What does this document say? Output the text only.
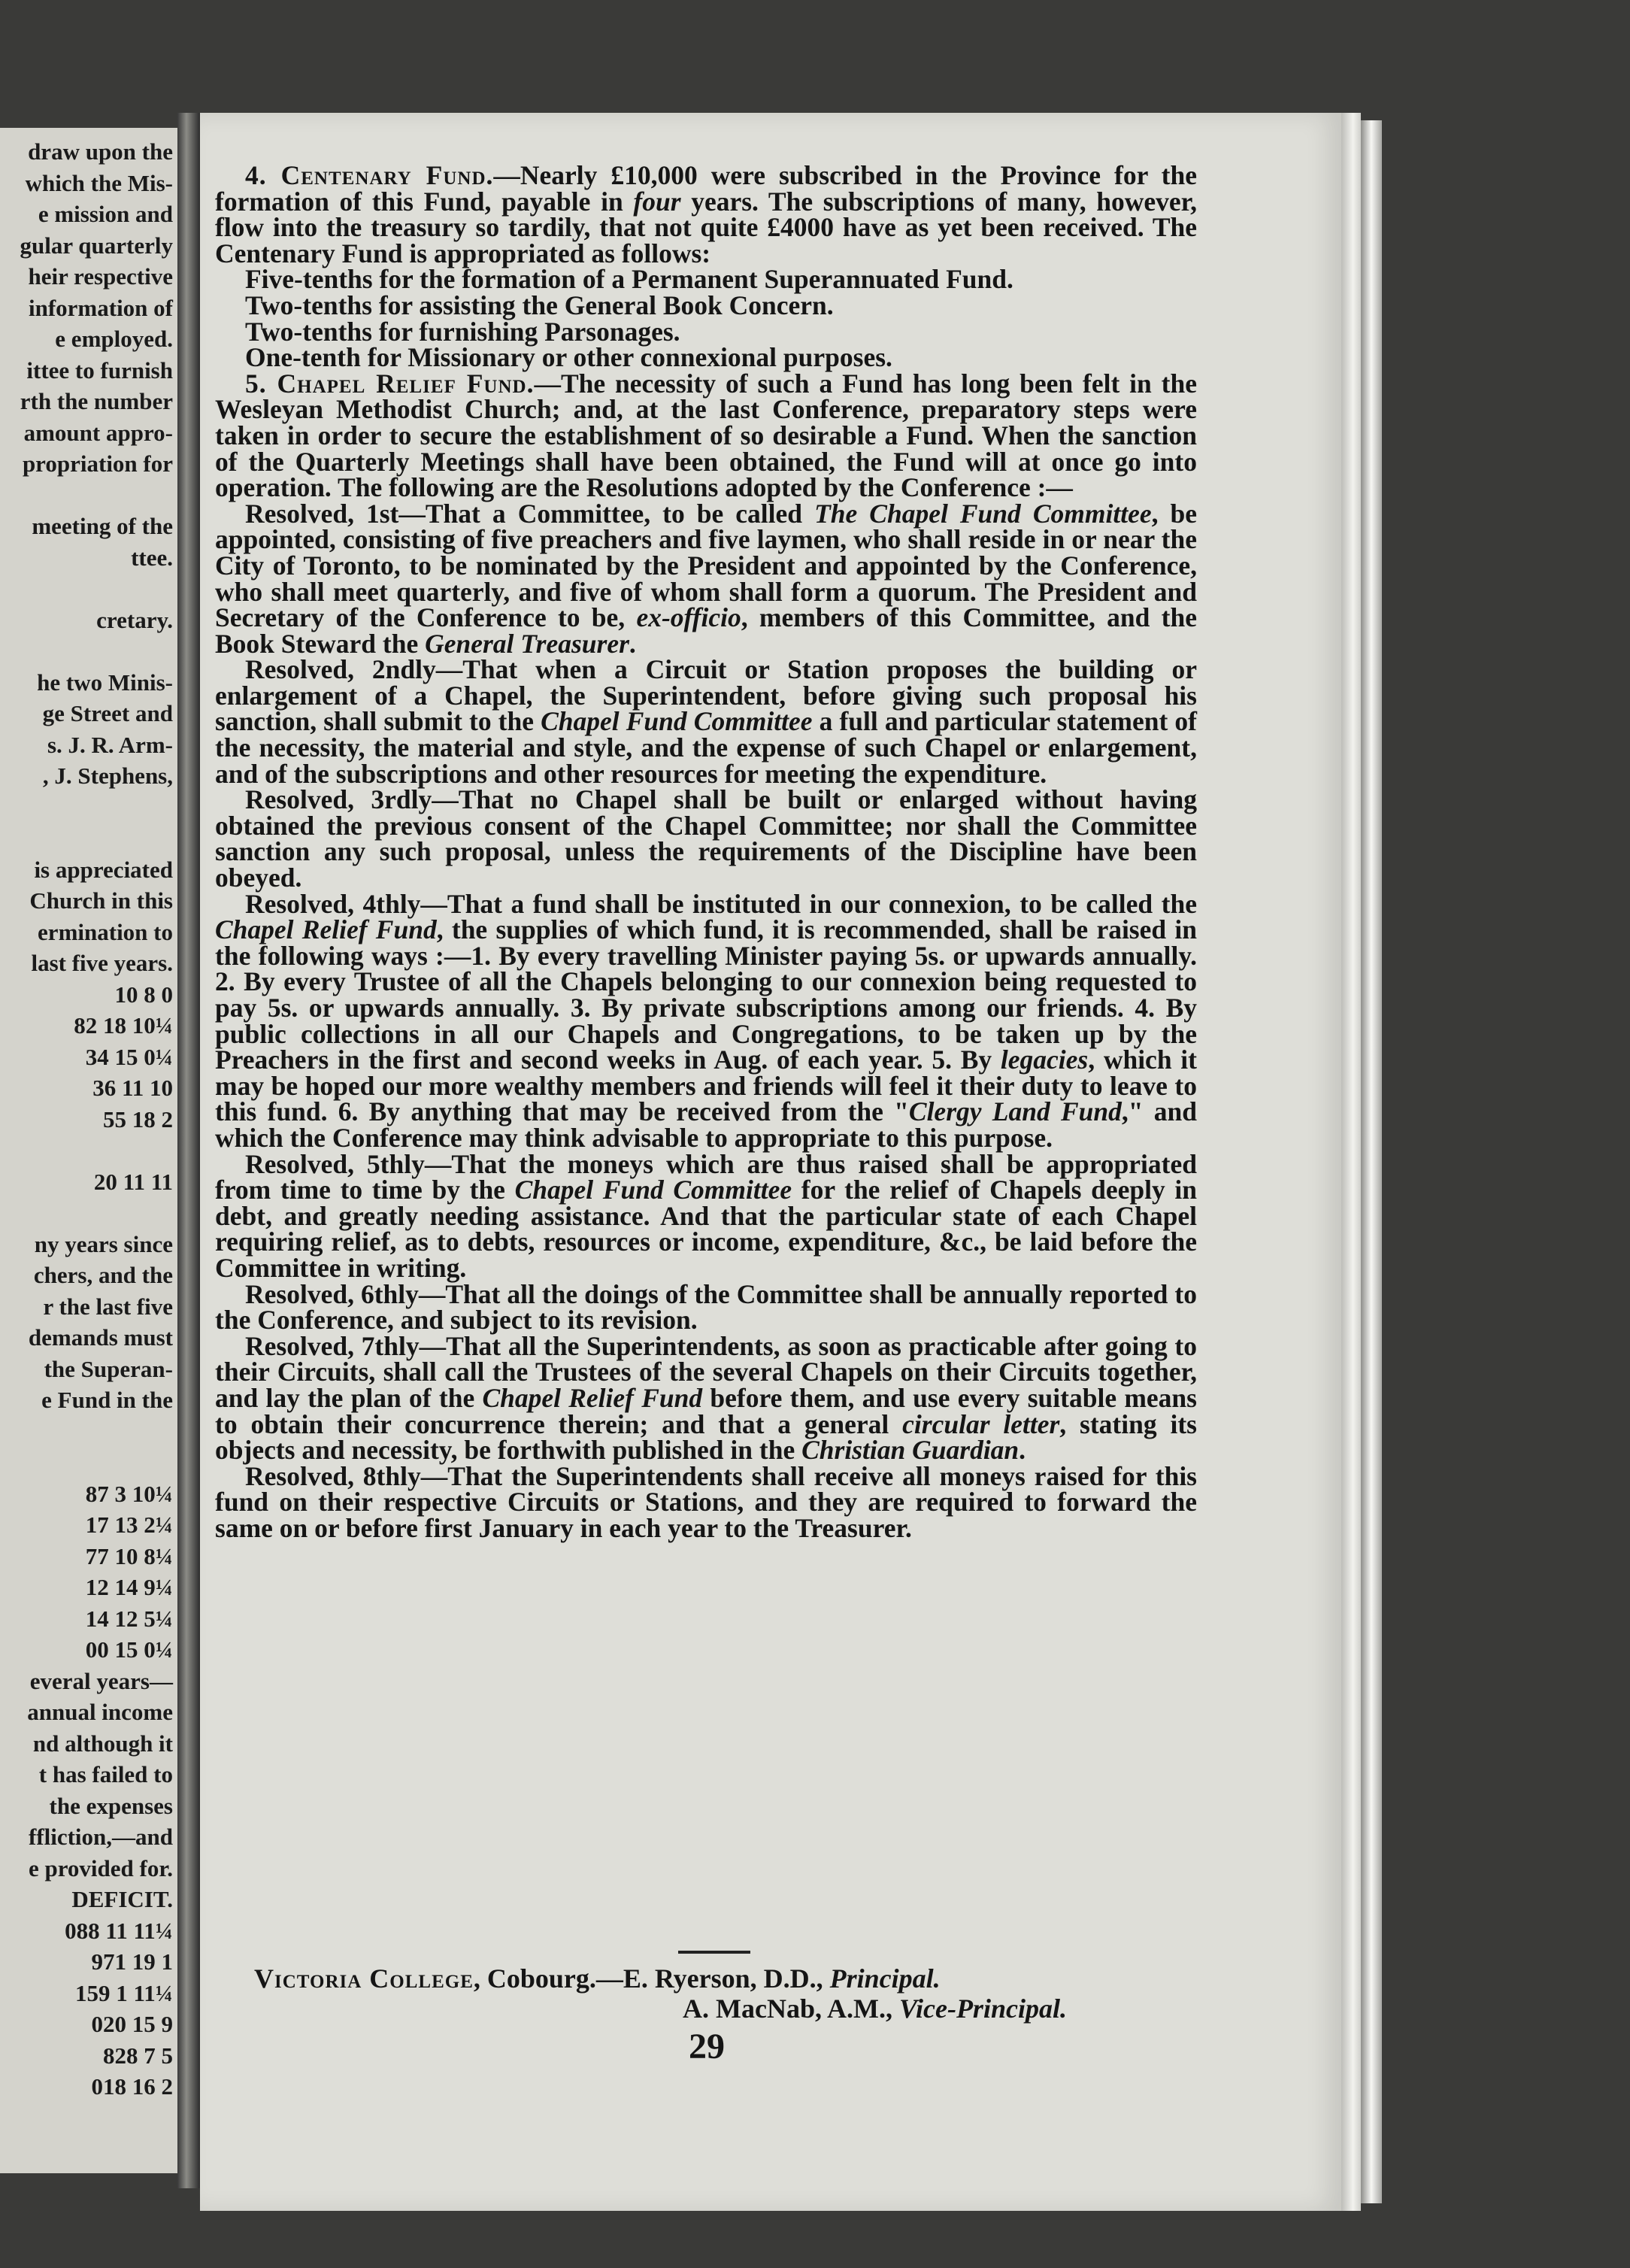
draw upon the
which the Mis-
e mission and
gular quarterly
heir respective
information of
e employed.
ittee to furnish
rth the number
amount appro-
propriation for
meeting of the
ttee.
cretary.
he two Minis-
ge Street and
s. J. R. Arm-
, J. Stephens,
is appreciated
Church in this
ermination to
last five years.
10 8 0
82 18 10¼
34 15 0¼
36 11 10
55 18 2
20 11 11
ny years since
chers, and the
r the last five
demands must
the Superan-
e Fund in the
87 3 10¼
17 13 2¼
77 10 8¼
12 14 9¼
14 12 5¼
00 15 0¼
everal years—
annual income
nd although it
t has failed to
the expenses
ffliction,—and
e provided for.
DEFICIT.
088 11 11¼
971 19 1
159 1 11¼
020 15 9
828 7 5
018 16 2

4. Centenary Fund.—Nearly £10,000 were subscribed in the Province for the formation of this Fund, payable in four years. The subscriptions of many, however, flow into the treasury so tardily, that not quite £4000 have as yet been received. The Centenary Fund is appropriated as follows:

Five-tenths for the formation of a Permanent Superannuated Fund.

Two-tenths for assisting the General Book Concern.

Two-tenths for furnishing Parsonages.

One-tenth for Missionary or other connexional purposes.

5. Chapel Relief Fund.—The necessity of such a Fund has long been felt in the Wesleyan Methodist Church; and, at the last Conference, preparatory steps were taken in order to secure the establishment of so desirable a Fund. When the sanction of the Quarterly Meetings shall have been obtained, the Fund will at once go into operation. The following are the Resolutions adopted by the Conference :—

Resolved, 1st—That a Committee, to be called The Chapel Fund Committee, be appointed, consisting of five preachers and five laymen, who shall reside in or near the City of Toronto, to be nominated by the President and appointed by the Conference, who shall meet quarterly, and five of whom shall form a quorum. The President and Secretary of the Conference to be, ex-officio, members of this Committee, and the Book Steward the General Treasurer.

Resolved, 2ndly—That when a Circuit or Station proposes the building or enlargement of a Chapel, the Superintendent, before giving such proposal his sanction, shall submit to the Chapel Fund Committee a full and particular statement of the necessity, the material and style, and the expense of such Chapel or enlargement, and of the subscriptions and other resources for meeting the expenditure.

Resolved, 3rdly—That no Chapel shall be built or enlarged without having obtained the previous consent of the Chapel Committee; nor shall the Committee sanction any such proposal, unless the requirements of the Discipline have been obeyed.

Resolved, 4thly—That a fund shall be instituted in our connexion, to be called the Chapel Relief Fund, the supplies of which fund, it is recommended, shall be raised in the following ways :—1. By every travelling Minister paying 5s. or upwards annually. 2. By every Trustee of all the Chapels belonging to our connexion being requested to pay 5s. or upwards annually. 3. By private subscriptions among our friends. 4. By public collections in all our Chapels and Congregations, to be taken up by the Preachers in the first and second weeks in Aug. of each year. 5. By legacies, which it may be hoped our more wealthy members and friends will feel it their duty to leave to this fund. 6. By anything that may be received from the "Clergy Land Fund," and which the Conference may think advisable to appropriate to this purpose.

Resolved, 5thly—That the moneys which are thus raised shall be appropriated from time to time by the Chapel Fund Committee for the relief of Chapels deeply in debt, and greatly needing assistance. And that the particular state of each Chapel requiring relief, as to debts, resources or income, expenditure, &c., be laid before the Committee in writing.

Resolved, 6thly—That all the doings of the Committee shall be annually reported to the Conference, and subject to its revision.

Resolved, 7thly—That all the Superintendents, as soon as practicable after going to their Circuits, shall call the Trustees of the several Chapels on their Circuits together, and lay the plan of the Chapel Relief Fund before them, and use every suitable means to obtain their concurrence therein; and that a general circular letter, stating its objects and necessity, be forthwith published in the Christian Guardian.

Resolved, 8thly—That the Superintendents shall receive all moneys raised for this fund on their respective Circuits or Stations, and they are required to forward the same on or before first January in each year to the Treasurer.

Victoria College, Cobourg.—E. Ryerson, D.D., Principal.
A. MacNab, A.M., Vice-Principal.
29
